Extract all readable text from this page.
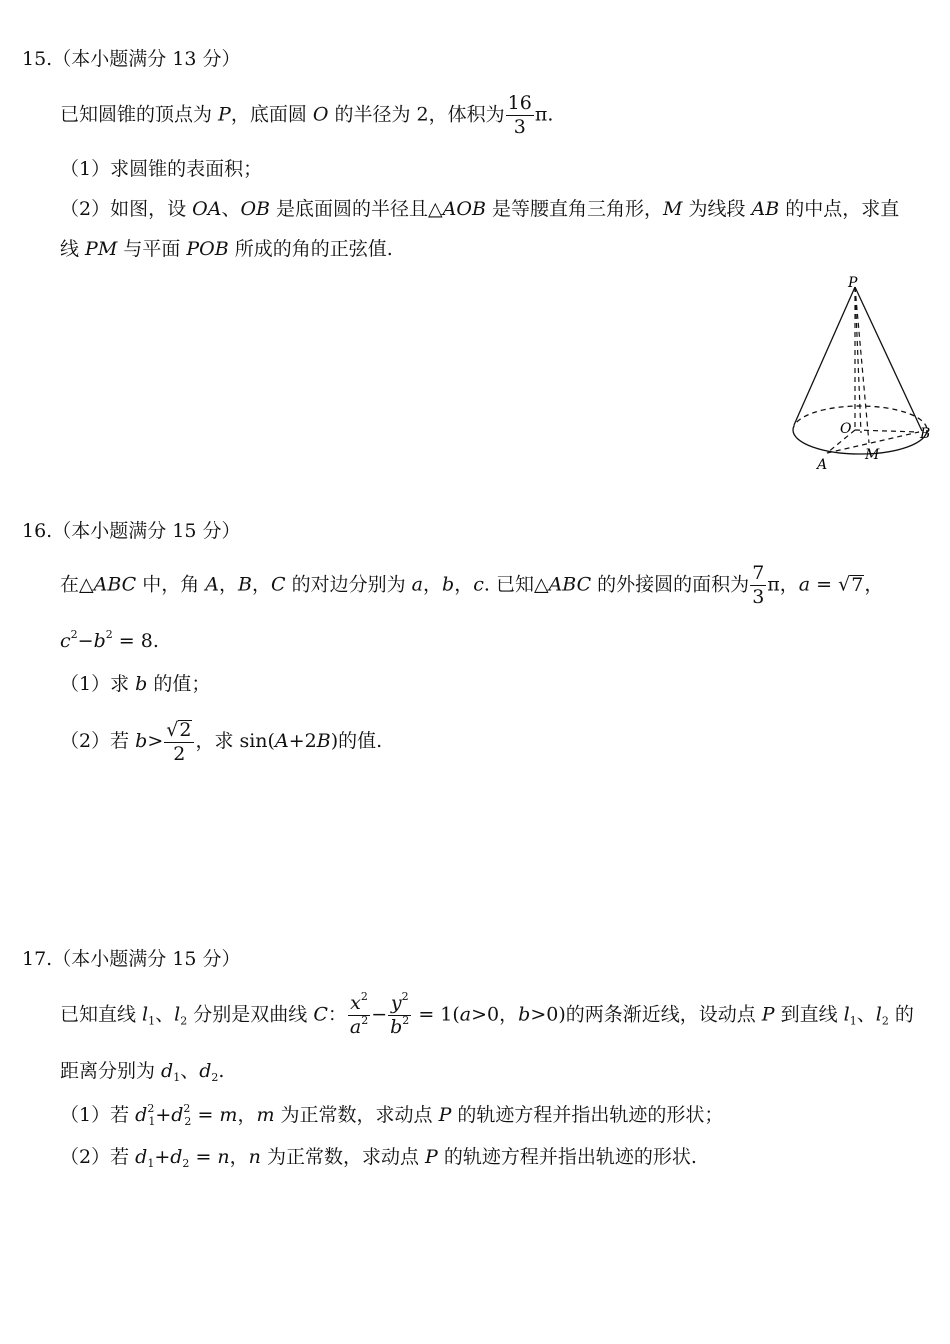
15.（本小题满分 13 分）
已知圆锥的顶点为 P，底面圆 O 的半径为 2，体积为 $\frac{16}{3} \pi$.
（1）求圆锥的表面积；
（2）如图，设 OA、OB 是底面圆的半径且△AOB 是等腰直角三角形，M 为线段 AB 的中点，求直
线 PM 与平面 POB 所成的角的正弦值.
P
O	B
A
M
16.（本小题满分 15 分）
在△ABC 中，角 A，B，C 的对边分别为 a，b，c. 已知△ABC 的外接圆的面积为 $\frac{7}{3}$ π，a = √7，
$c^2-b^2 = 8$.
（1）求 b 的值；
（2）若 $b> \frac{√2}{2}$ ，求 sin(A+2B)的值.
17.（本小题满分 15 分）
已知直线 $l_1$、$l_2$ 分别是双曲线 C： $\frac{x^2}{a^2} - \frac{y^2}{b^2} = 1(a>0$，b>0)的两条渐近线，设动点 P 到直线 $l_1$、$l_2$ 的
距离分别为 $d_1$、$d_2$.
（1）若 $d^2_1+d^2_2 = m$，m 为正常数，求动点 P 的轨迹方程并指出轨迹的形状；
（2）若 $d_1+d_2 = n$，n 为正常数，求动点 P 的轨迹方程并指出轨迹的形状.
